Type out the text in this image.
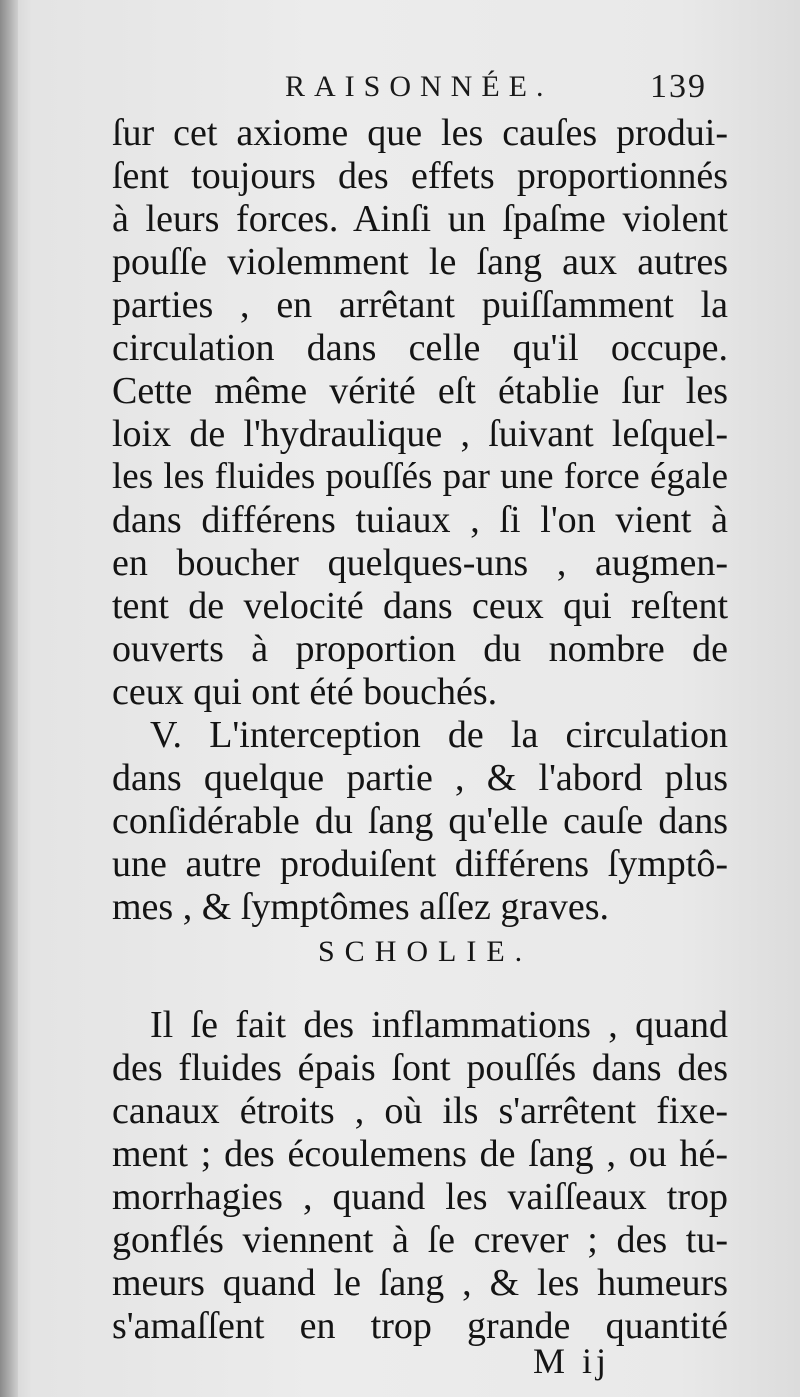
RAISONNÉE.	139
ſur cet axiome que les cauſes produi-
ſent toujours des effets proportionnés
à leurs forces. Ainſi un ſpaſme violent
pouſſe violemment le ſang aux autres
parties , en arrêtant puiſſamment la
circulation dans celle qu'il occupe.
Cette même vérité eſt établie ſur les
loix de l'hydraulique , ſuivant leſquel-
les les fluides pouſſés par une force égale
dans différens tuiaux , ſi l'on vient à
en boucher quelques-uns , augmen-
tent de velocité dans ceux qui reſtent
ouverts à proportion du nombre de
ceux qui ont été bouchés.
V. L'interception de la circulation
dans quelque partie , & l'abord plus
conſidérable du ſang qu'elle cauſe dans
une autre produiſent différens ſymptô-
mes , & ſymptômes aſſez graves.
SCHOLIE.
Il ſe fait des inflammations , quand
des fluides épais ſont pouſſés dans des
canaux étroits , où ils s'arrêtent fixe-
ment ; des écoulemens de ſang , ou hé-
morrhagies , quand les vaiſſeaux trop
gonflés viennent à ſe crever ; des tu-
meurs quand le ſang , & les humeurs
s'amaſſent en trop grande quantité
M ij
